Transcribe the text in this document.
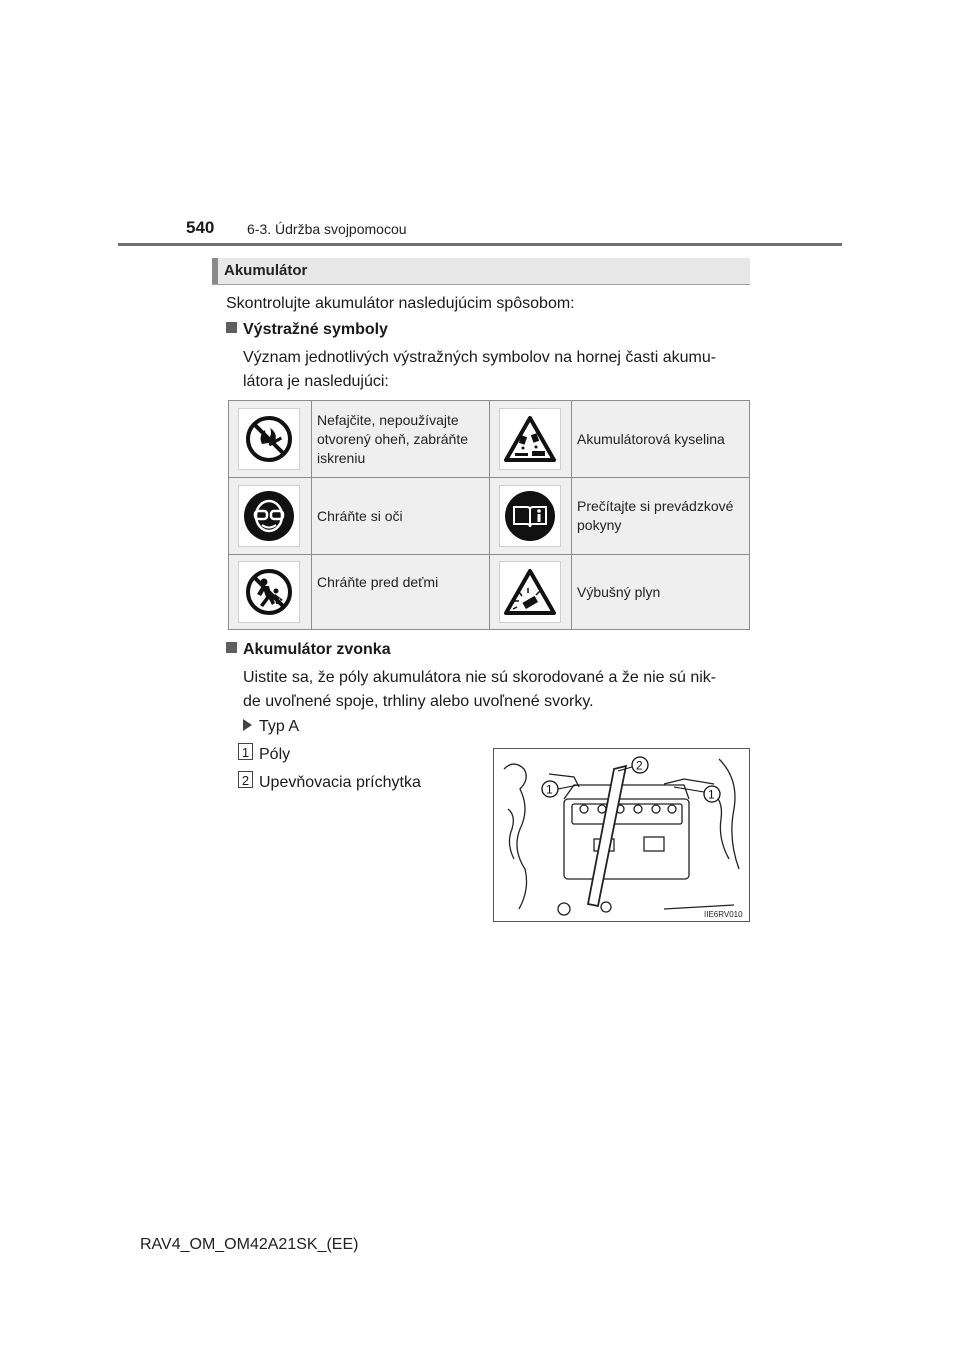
540 6-3. Údržba svojpomocou
Akumulátor
Skontrolujte akumulátor nasledujúcim spôsobom:
Výstražné symboly
Význam jednotlivých výstražných symbolov na hornej časti akumu-
látora je nasledujúci:
Nefajčite, nepoužívajte otvorený oheň, zabráňte iskreniu
Akumulátorová kyselina
Chráňte si oči
Prečítajte si prevádzkové pokyny
Chráňte pred deťmi
Výbušný plyn
Akumulátor zvonka
Uistite sa, že póly akumulátora nie sú skorodované a že nie sú nik-
de uvoľnené spoje, trhliny alebo uvoľnené svorky.
Typ A
1 Póly
2 Upevňovacia príchytka	1
2
1
IIE6RV010
RAV4_OM_OM42A21SK_(EE)
